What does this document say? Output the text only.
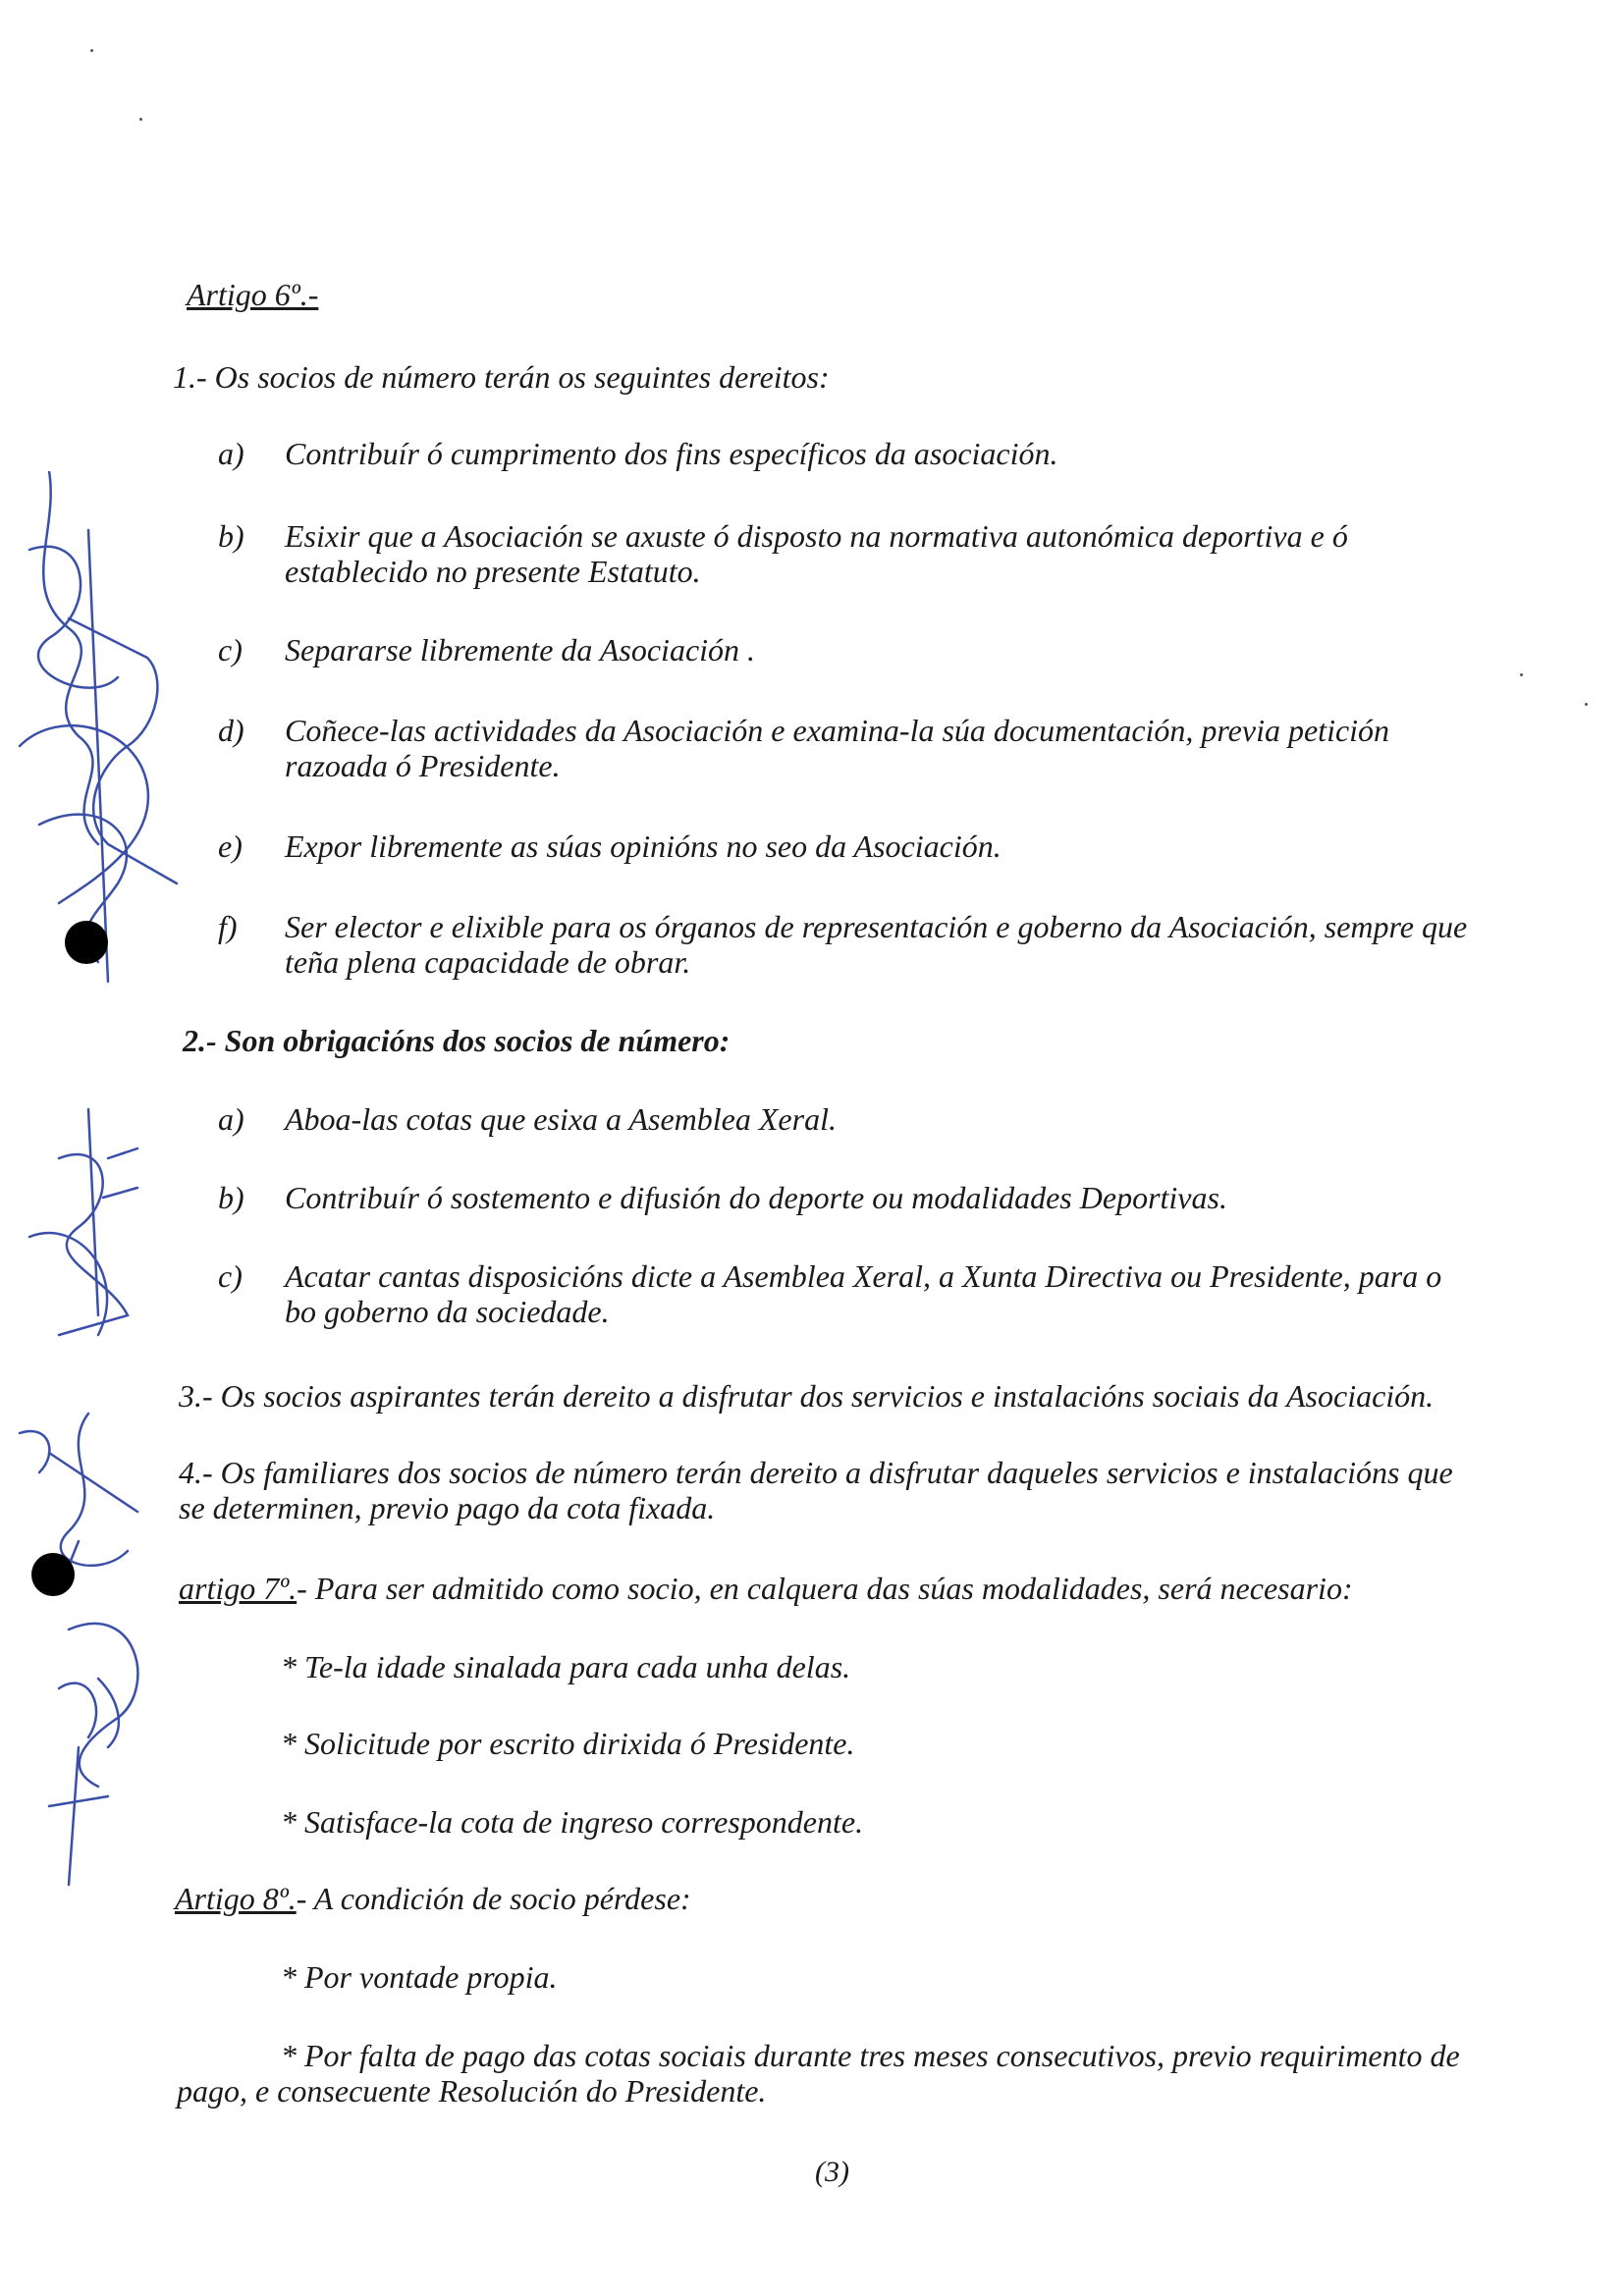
Artigo 6º.-
1.- Os socios de número terán os seguintes dereitos:
a) Contribuír ó cumprimento dos fins específicos da asociación.
b) Esixir que a Asociación se axuste ó disposto na normativa autonómica deportiva e ó
establecido no presente Estatuto.
c) Separarse libremente da Asociación .
d) Coñece-las actividades da Asociación e examina-la súa documentación, previa petición
razoada ó Presidente.
e) Expor libremente as súas opinións no seo da Asociación.
f) Ser elector e elixible para os órganos de representación e goberno da Asociación, sempre que
teña plena capacidade de obrar.
2.- Son obrigacións dos socios de número:
a) Aboa-las cotas que esixa a Asemblea Xeral.
b) Contribuír ó sostemento e difusión do deporte ou modalidades Deportivas.
c) Acatar cantas disposicións dicte a Asemblea Xeral, a Xunta Directiva ou Presidente, para o
bo goberno da sociedade.
3.- Os socios aspirantes terán dereito a disfrutar dos servicios e instalacións sociais da Asociación.
4.- Os familiares dos socios de número terán dereito a disfrutar daqueles servicios e instalacións que
se determinen, previo pago da cota fixada.
artigo 7º.- Para ser admitido como socio, en calquera das súas modalidades, será necesario:
* Te-la idade sinalada para cada unha delas.
* Solicitude por escrito dirixida ó Presidente.
* Satisface-la cota de ingreso correspondente.
Artigo 8º.- A condición de socio pérdese:
* Por vontade propia.
* Por falta de pago das cotas sociais durante tres meses consecutivos, previo requirimento de
pago, e consecuente Resolución do Presidente.
(3)
